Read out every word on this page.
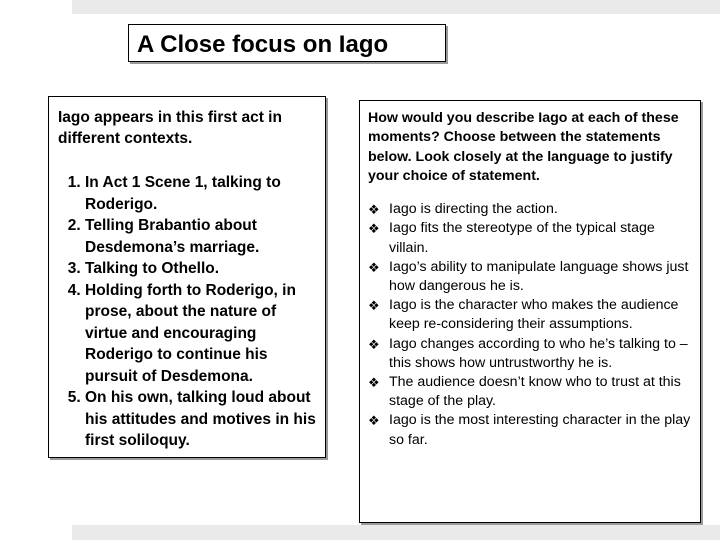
A Close focus on Iago
Iago appears in this first act in different contexts.
1. In Act 1 Scene 1, talking to Roderigo.
2. Telling Brabantio about Desdemona’s marriage.
3. Talking to Othello.
4. Holding forth to Roderigo, in prose, about the nature of virtue and encouraging Roderigo to continue his pursuit of Desdemona.
5. On his own, talking loud about his attitudes and motives in his first soliloquy.
How would you describe Iago at each of these moments? Choose between the statements below. Look closely at the language to justify your choice of statement.
❖ Iago is directing the action.
❖ Iago fits the stereotype of the typical stage villain.
❖ Iago’s ability to manipulate language shows just how dangerous he is.
❖ Iago is the character who makes the audience keep re-considering their assumptions.
❖ Iago changes according to who he’s talking to – this shows how untrustworthy he is.
❖ The audience doesn’t know who to trust at this stage of the play.
❖ Iago is the most interesting character in the play so far.
